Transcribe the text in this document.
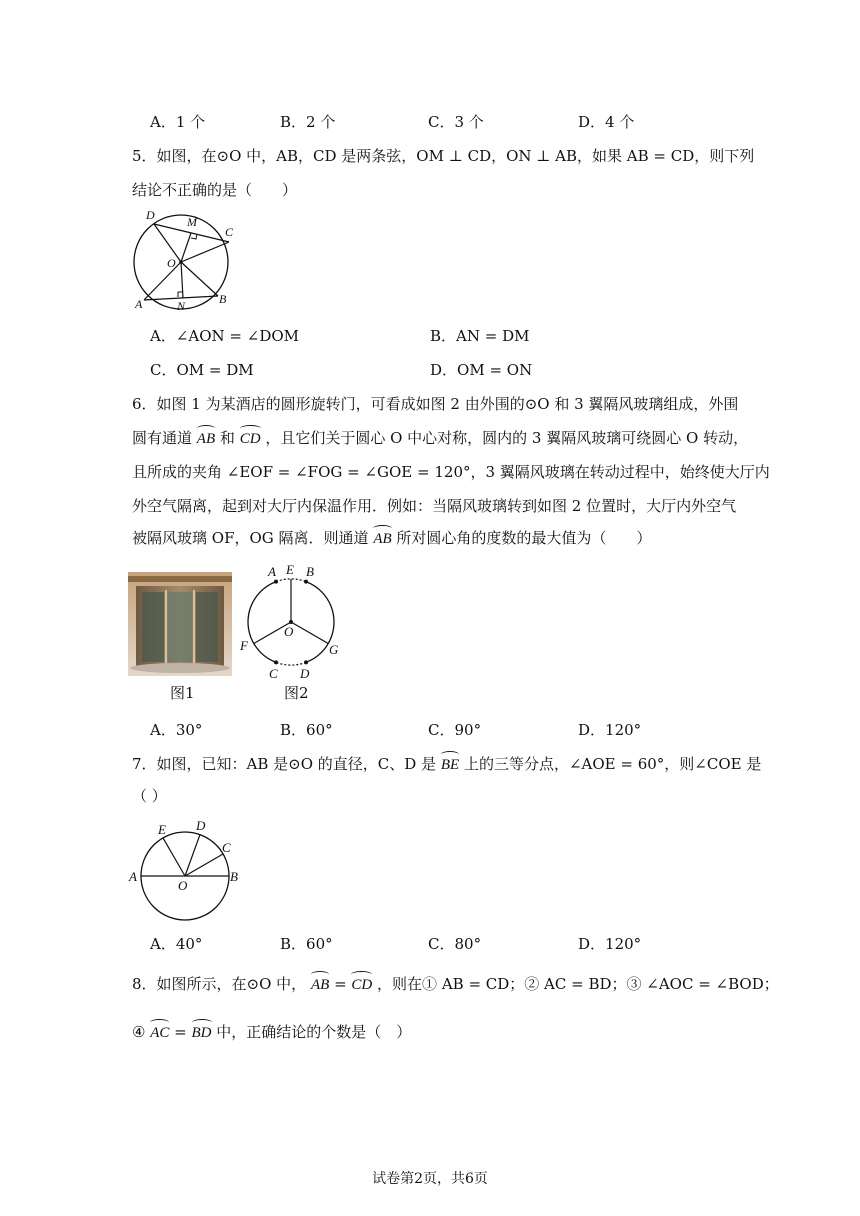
A．1 个	B．2 个	C．3 个	D．4 个
5．如图，在⊙O 中，AB，CD 是两条弦，OM ⊥ CD，ON ⊥ AB，如果 AB = CD，则下列
结论不正确的是（　　）
D	M
C
O
A	N	B
A．∠AON = ∠DOM	B．AN = DM
C．OM = DM	D．OM = ON
6．如图 1 为某酒店的圆形旋转门，可看成如图 2 由外围的⊙O 和 3 翼隔风玻璃组成，外围
圆有通道 AB 和 CD ，且它们关于圆心 O 中心对称，圆内的 3 翼隔风玻璃可绕圆心 O 转动，
且所成的夹角 ∠EOF = ∠FOG = ∠GOE = 120°，3 翼隔风玻璃在转动过程中，始终使大厅内
外空气隔离，起到对大厅内保温作用．例如：当隔风玻璃转到如图 2 位置时，大厅内外空气
被隔风玻璃 OF，OG 隔离．则通道 AB 所对圆心角的度数的最大值为（　　）
图1
A E B
O
F	G
C D
图2
A．30°	B．60°	C．90°	D．120°
7．如图，已知：AB 是⊙O 的直径，C、D 是 BE 上的三等分点，∠AOE = 60°，则∠COE 是
（ ）
E D
C
A
O
B
A．40°	B．60°	C．80°	D．120°
8．如图所示，在⊙O 中， AB = CD ，则在① AB = CD；② AC = BD；③ ∠AOC = ∠BOD；
④ AC = BD 中，正确结论的个数是（　）
试卷第2页，共6页
